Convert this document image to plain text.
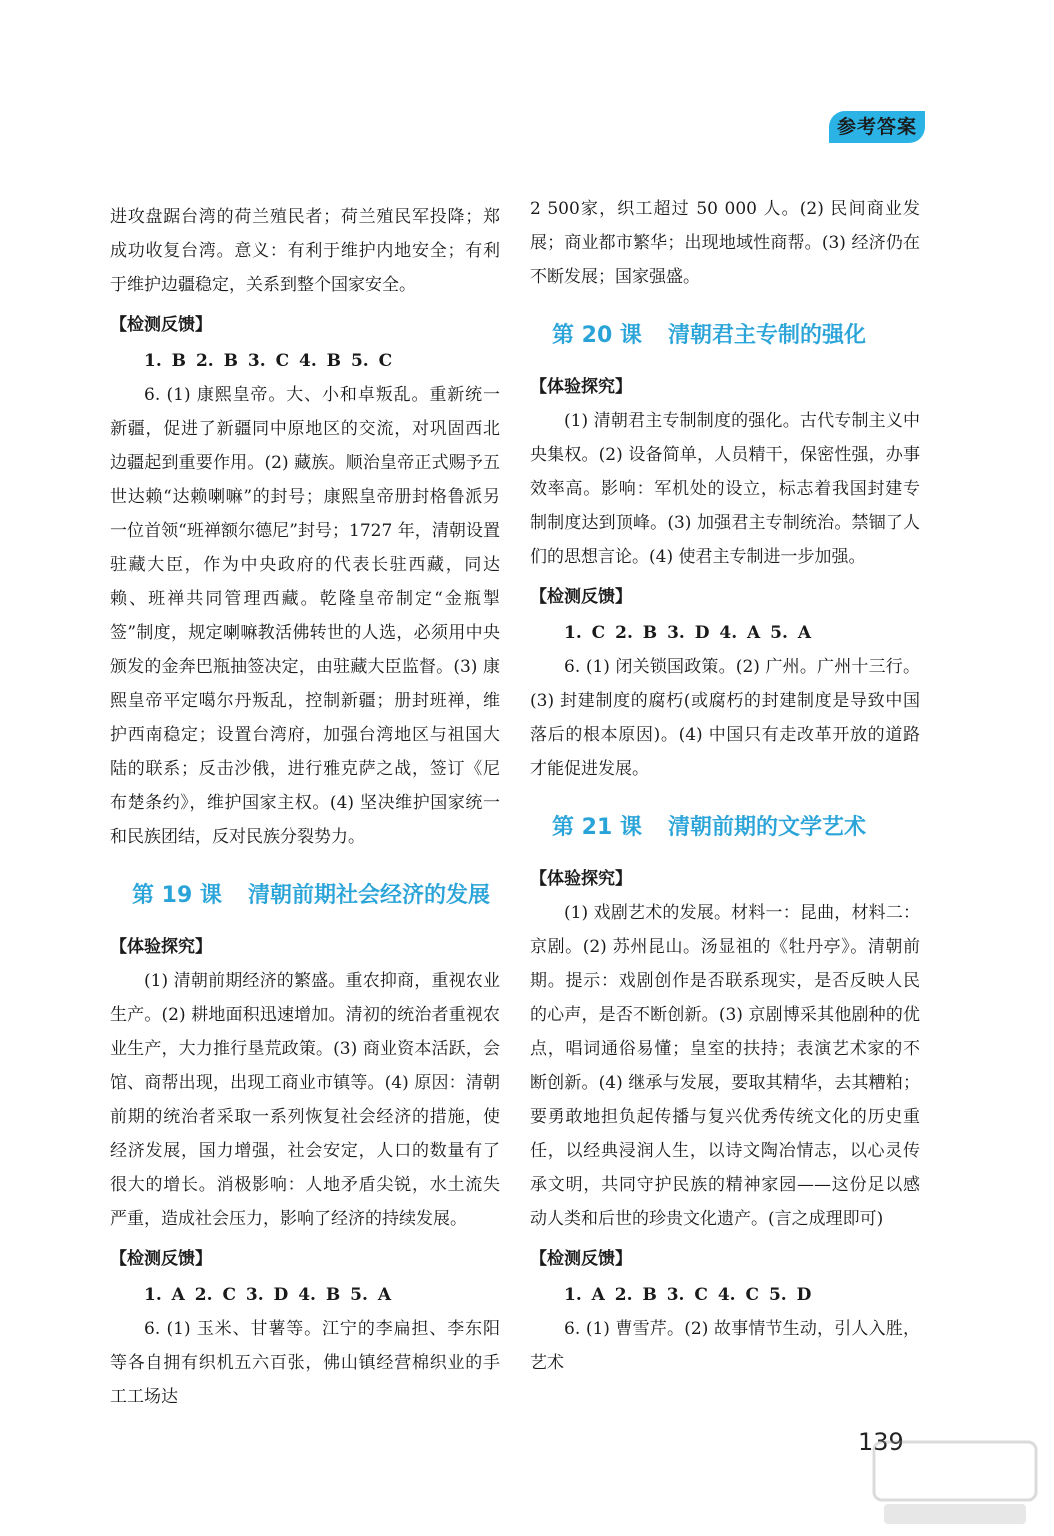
参考答案

进攻盘踞台湾的荷兰殖民者；荷兰殖民军投降；郑成功收复台湾。意义：有利于维护内地安全；有利于维护边疆稳定，关系到整个国家安全。

【检测反馈】

1. B 2. B 3. C 4. B 5. C

6. (1) 康熙皇帝。大、小和卓叛乱。重新统一新疆，促进了新疆同中原地区的交流，对巩固西北边疆起到重要作用。(2) 藏族。顺治皇帝正式赐予五世达赖“达赖喇嘛”的封号；康熙皇帝册封格鲁派另一位首领“班禅额尔德尼”封号；1727 年，清朝设置驻藏大臣，作为中央政府的代表长驻西藏，同达赖、班禅共同管理西藏。乾隆皇帝制定“金瓶掣签”制度，规定喇嘛教活佛转世的人选，必须用中央颁发的金奔巴瓶抽签决定，由驻藏大臣监督。(3) 康熙皇帝平定噶尔丹叛乱，控制新疆；册封班禅，维护西南稳定；设置台湾府，加强台湾地区与祖国大陆的联系；反击沙俄，进行雅克萨之战，签订《尼布楚条约》，维护国家主权。(4) 坚决维护国家统一和民族团结，反对民族分裂势力。

第 19 课 清朝前期社会经济的发展

【体验探究】

(1) 清朝前期经济的繁盛。重农抑商，重视农业生产。(2) 耕地面积迅速增加。清初的统治者重视农业生产，大力推行垦荒政策。(3) 商业资本活跃，会馆、商帮出现，出现工商业市镇等。(4) 原因：清朝前期的统治者采取一系列恢复社会经济的措施，使经济发展，国力增强，社会安定，人口的数量有了很大的增长。消极影响：人地矛盾尖锐，水土流失严重，造成社会压力，影响了经济的持续发展。

【检测反馈】

1. A 2. C 3. D 4. B 5. A

6. (1) 玉米、甘薯等。江宁的李扁担、李东阳等各自拥有织机五六百张，佛山镇经营棉织业的手工工场达

2 500家，织工超过 50 000 人。(2) 民间商业发展；商业都市繁华；出现地域性商帮。(3) 经济仍在不断发展；国家强盛。

第 20 课 清朝君主专制的强化

【体验探究】

(1) 清朝君主专制制度的强化。古代专制主义中央集权。(2) 设备简单，人员精干，保密性强，办事效率高。影响：军机处的设立，标志着我国封建专制制度达到顶峰。(3) 加强君主专制统治。禁锢了人们的思想言论。(4) 使君主专制进一步加强。

【检测反馈】

1. C 2. B 3. D 4. A 5. A

6. (1) 闭关锁国政策。(2) 广州。广州十三行。(3) 封建制度的腐朽(或腐朽的封建制度是导致中国落后的根本原因)。(4) 中国只有走改革开放的道路才能促进发展。

第 21 课 清朝前期的文学艺术

【体验探究】

(1) 戏剧艺术的发展。材料一：昆曲，材料二：京剧。(2) 苏州昆山。汤显祖的《牡丹亭》。清朝前期。提示：戏剧创作是否联系现实，是否反映人民的心声，是否不断创新。(3) 京剧博采其他剧种的优点，唱词通俗易懂；皇室的扶持；表演艺术家的不断创新。(4) 继承与发展，要取其精华，去其糟粕；要勇敢地担负起传播与复兴优秀传统文化的历史重任，以经典浸润人生，以诗文陶冶情志，以心灵传承文明，共同守护民族的精神家园——这份足以感动人类和后世的珍贵文化遗产。(言之成理即可)

【检测反馈】

1. A 2. B 3. C 4. C 5. D

6. (1) 曹雪芹。(2) 故事情节生动，引人入胜，艺术

139
